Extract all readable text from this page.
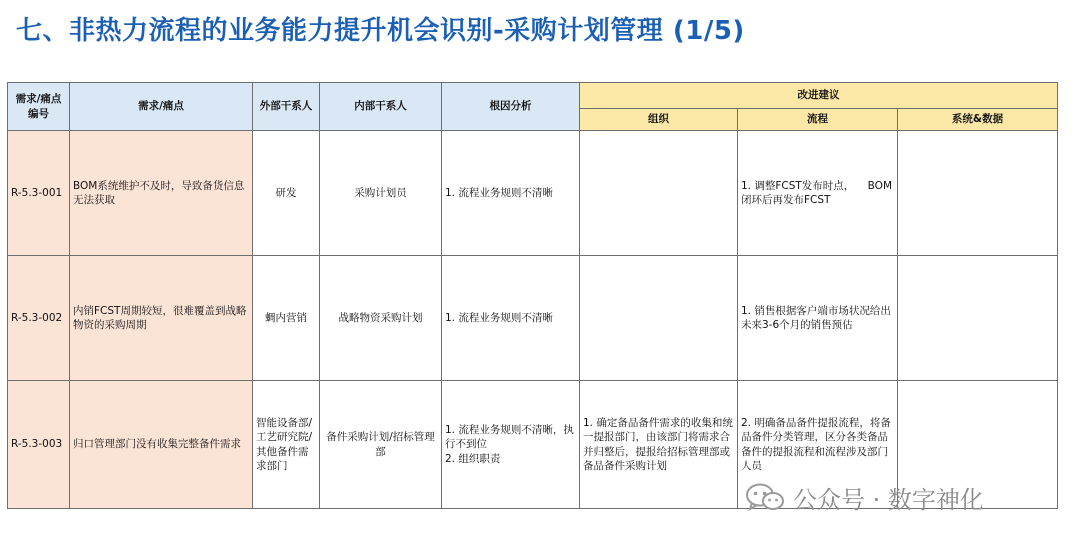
七、非热力流程的业务能力提升机会识别-采购计划管理 (1/5)
需求/痛点编号	需求/痛点	外部干系人	内部干系人	根因分析	改进建议		
					组织	流程	系统&数据
R-5.3-001	BOM系统维护不及时，导致备货信息无法获取	研发	采购计划员	1. 流程业务规则不清晰		1. 调整FCST发布时点，    BOM闭环后再发布FCST	
R-5.3-002	内销FCST周期较短，很难覆盖到战略物资的采购周期	蜩内营销	战略物资采购计划	1. 流程业务规则不清晰		1. 销售根据客户端市场状况给出未来3-6个月的销售预估	
R-5.3-003	归口管理部门没有收集完整备件需求	智能设备部/工艺研究院/其他备件需求部门	备件采购计划/招标管理部	1. 流程业务规则不清晰，执行不到位
2. 组织职责	1. 确定备品备件需求的收集和统一提报部门，由该部门将需求合并归整后，提报给招标管理部或备品备件采购计划	2. 明确备品备件提报流程，将备品备件分类管理，区分各类备品备件的提报流程和流程涉及部门人员	
公众号 · 数字神化
